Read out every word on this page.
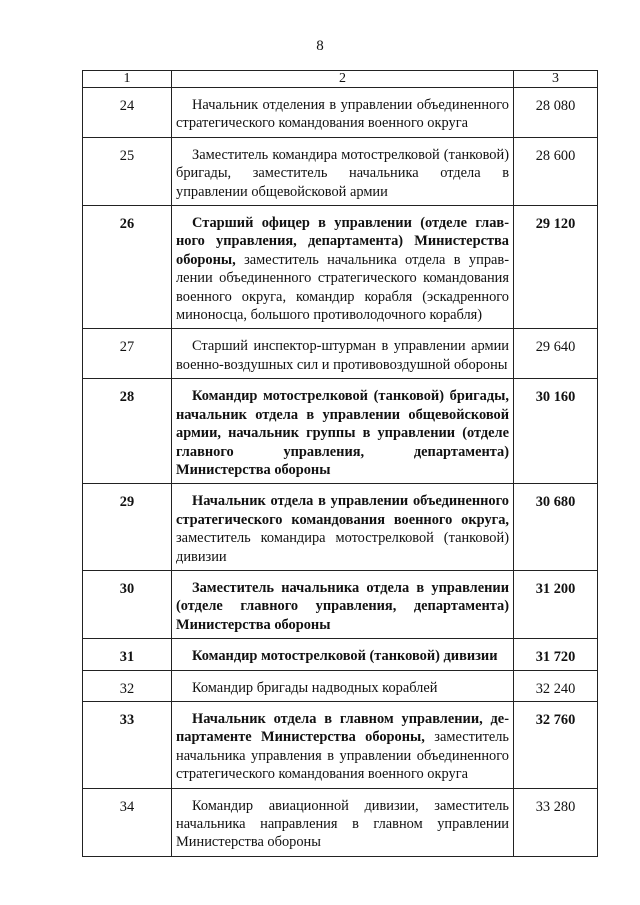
8
1	2	3
24	Начальник отделения в управлении объединенного стратегического командования военного округа	28 080
25	Заместитель командира мотострелковой (танковой) бригады, заместитель начальника отдела в управлении общевойсковой армии	28 600
26	Старший офицер в управлении (отделе главного управления, департамента) Министерства обороны, заместитель начальника отдела в управлении объединенного стратегического командования военного округа, командир корабля (эскадренного миноносца, большого противолодочного корабля)	29 120
27	Старший инспектор-штурман в управлении армии военно-воздушных сил и противовоздушной обороны	29 640
28	Командир мотострелковой (танковой) бригады, начальник отдела в управлении общевойсковой армии, начальник группы в управлении (отделе главного управления, департамента) Министерства обороны	30 160
29	Начальник отдела в управлении объединенного стратегического командования военного округа, заместитель командира мотострелковой (танковой) дивизии	30 680
30	Заместитель начальника отдела в управлении (отделе главного управления, департамента) Министерства обороны	31 200
31	Командир мотострелковой (танковой) дивизии	31 720
32	Командир бригады надводных кораблей	32 240
33	Начальник отдела в главном управлении, департаменте Министерства обороны, заместитель начальника управления в управлении объединенного стратегического командования военного округа	32 760
34	Командир авиационной дивизии, заместитель начальника направления в главном управлении Министерства обороны	33 280
